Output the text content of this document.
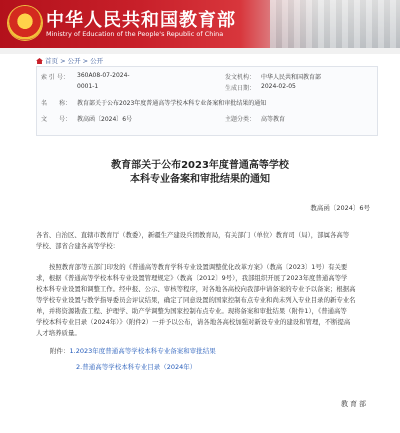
中华人民共和国教育部
Ministry of Education of the People's Republic of China
首页 > 公开 > 公开
索 引 号： 360A08-07-2024-
0001-1
发文机构： 中华人民共和国教育部
生成日期： 2024-02-05
名　　称： 教育部关于公布2023年度普通高等学校本科专业备案和审批结果的通知
文　　号： 教高函〔2024〕6号	主题分类： 高等教育
教育部关于公布2023年度普通高等学校
本科专业备案和审批结果的通知
教高函〔2024〕6号
各省、自治区、直辖市教育厅（教委），新疆生产建设兵团教育局，有关部门（单位）教育司（局），部属各高等
学校、部省合建各高等学校：
按照教育部等五部门印发的《普通高等教育学科专业设置调整优化改革方案》（教高〔2023〕1号）有关要
求，根据《普通高等学校本科专业设置管理规定》（教高〔2012〕9号），我部组织开展了2023年度普通高等学
校本科专业设置和调整工作。经申报、公示、审核等程序，对各地各高校向我部申请备案的专业予以备案；根据高
等学校专业设置与教学指导委员会评议结果，确定了同意设置的国家控制布点专业和尚未列入专业目录的新专业名
单，并将资源勘查工程、护理学、助产学调整为国家控制布点专业。现将备案和审批结果（附件1），《普通高等
学校本科专业目录（2024年）》（附件2）一并予以公布，请各地各高校加强对新设专业的建设和管理，不断提高
人才培养质量。
附件：1.2023年度普通高等学校本科专业备案和审批结果
2.普通高等学校本科专业目录（2024年）
教育部
